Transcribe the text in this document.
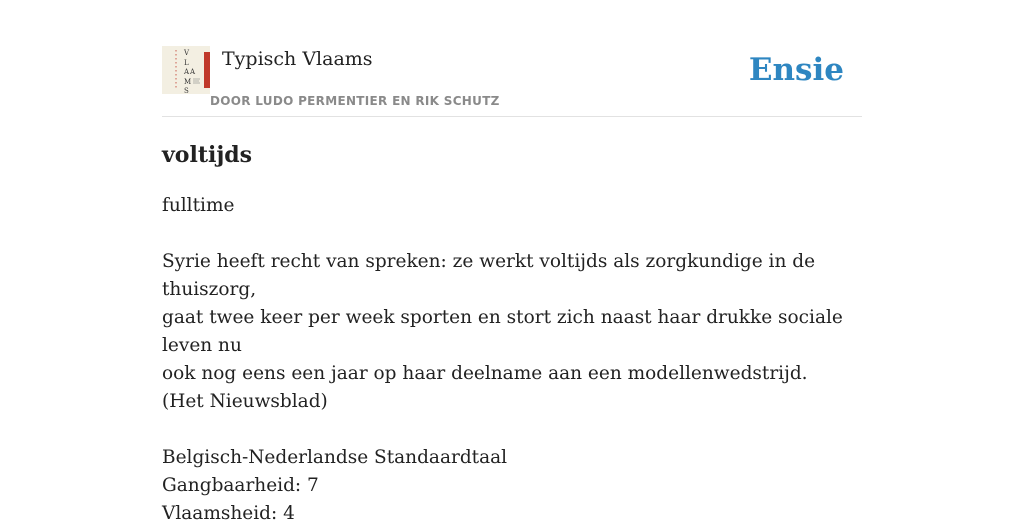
V
L
A A
M
S
Typisch Vlaams
DOOR LUDO PERMENTIER EN RIK SCHUTZ
Ensie
voltijds

fulltime

Syrie heeft recht van spreken: ze werkt voltijds als zorgkundige in de thuiszorg,

gaat twee keer per week sporten en stort zich naast haar drukke sociale leven nu

ook nog eens een jaar op haar deelname aan een modellenwedstrijd.

(Het Nieuwsblad)

Belgisch-Nederlandse Standaardtaal

Gangbaarheid: 7

Vlaamsheid: 4
